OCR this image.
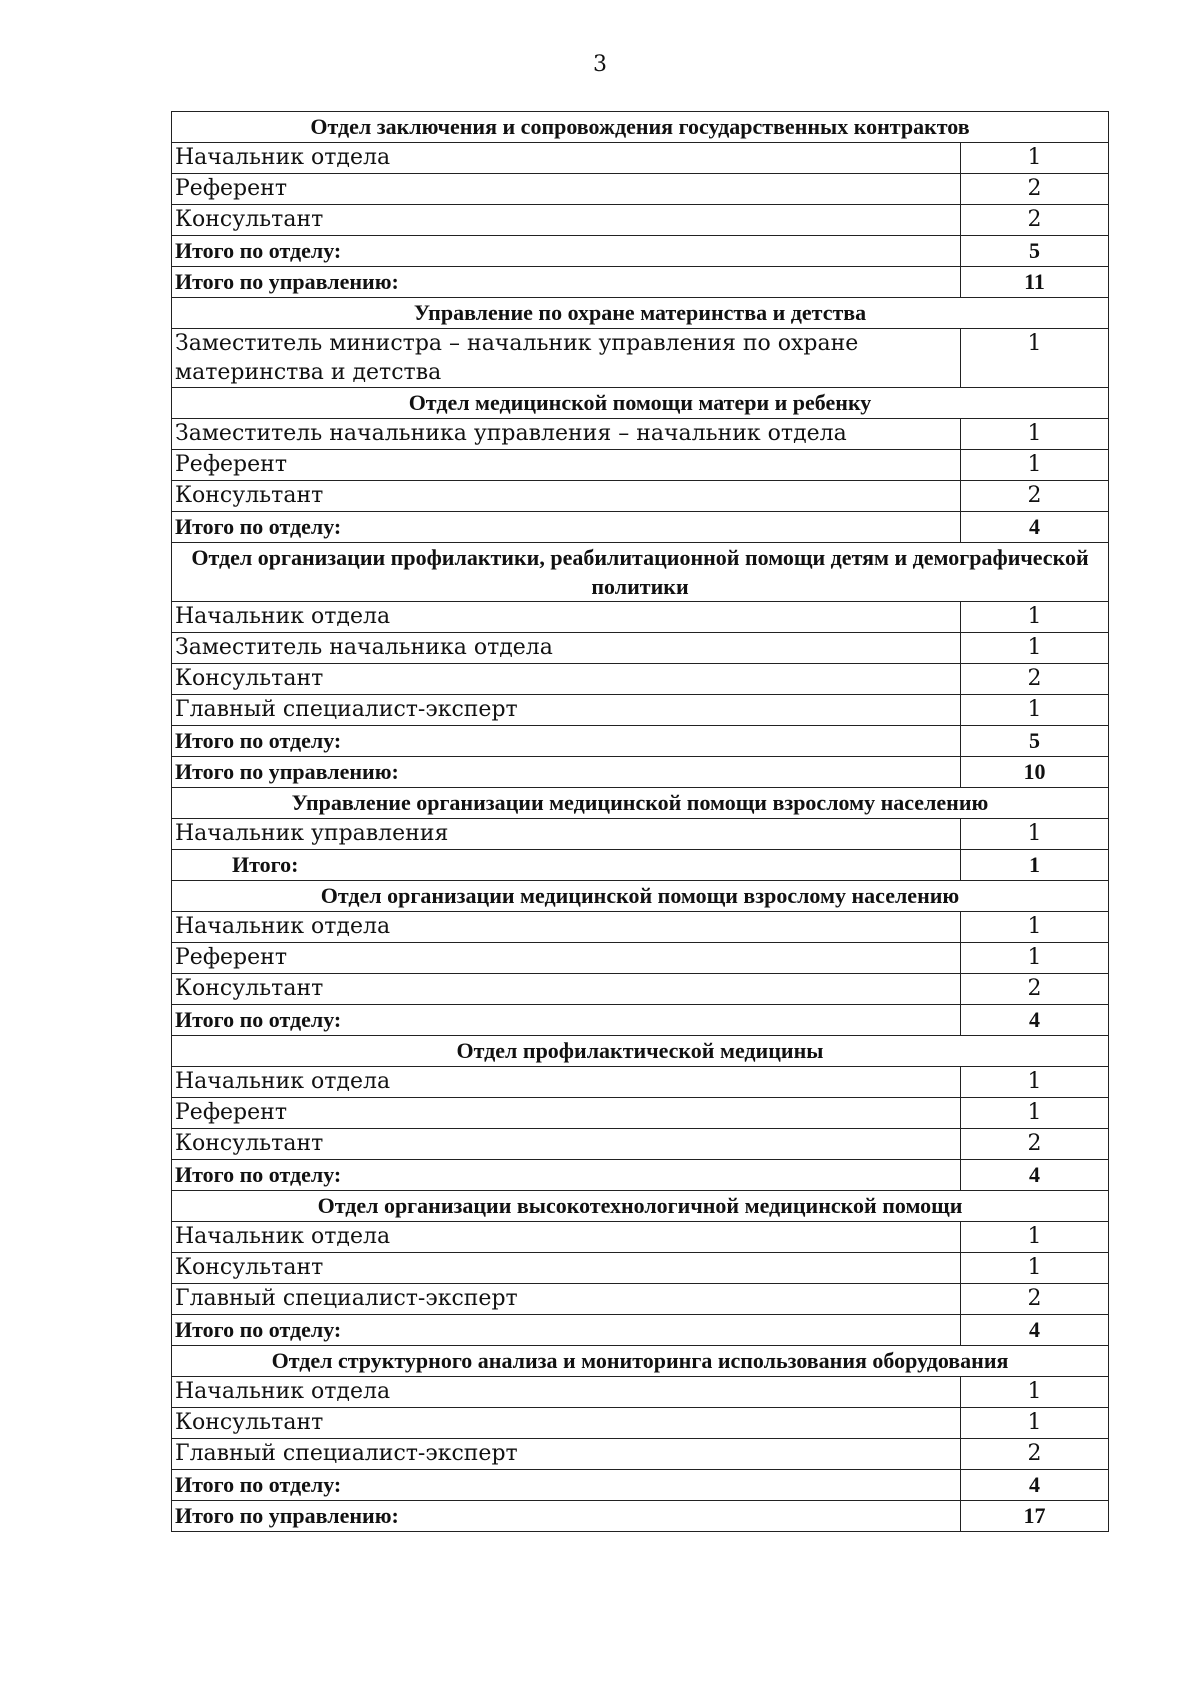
3
Отдел заключения и сопровождения государственных контрактов	
Начальник отдела	1
Референт	2
Консультант	2
Итого по отделу:	5
Итого по управлению:	11
Управление по охране материнства и детства	
Заместитель министра – начальник управления по охране материнства и детства	1
Отдел медицинской помощи матери и ребенку	
Заместитель начальника управления – начальник отдела	1
Референт	1
Консультант	2
Итого по отделу:	4
Отдел организации профилактики, реабилитационной помощи детям и демографической политики	
Начальник отдела	1
Заместитель начальника отдела	1
Консультант	2
Главный специалист-эксперт	1
Итого по отделу:	5
Итого по управлению:	10
Управление организации медицинской помощи взрослому населению	
Начальник управления	1
Итого:	1
Отдел организации медицинской помощи взрослому населению	
Начальник отдела	1
Референт	1
Консультант	2
Итого по отделу:	4
Отдел профилактической медицины	
Начальник отдела	1
Референт	1
Консультант	2
Итого по отделу:	4
Отдел организации высокотехнологичной медицинской помощи	
Начальник отдела	1
Консультант	1
Главный специалист-эксперт	2
Итого по отделу:	4
Отдел структурного анализа и мониторинга использования оборудования	
Начальник отдела	1
Консультант	1
Главный специалист-эксперт	2
Итого по отделу:	4
Итого по управлению:	17
